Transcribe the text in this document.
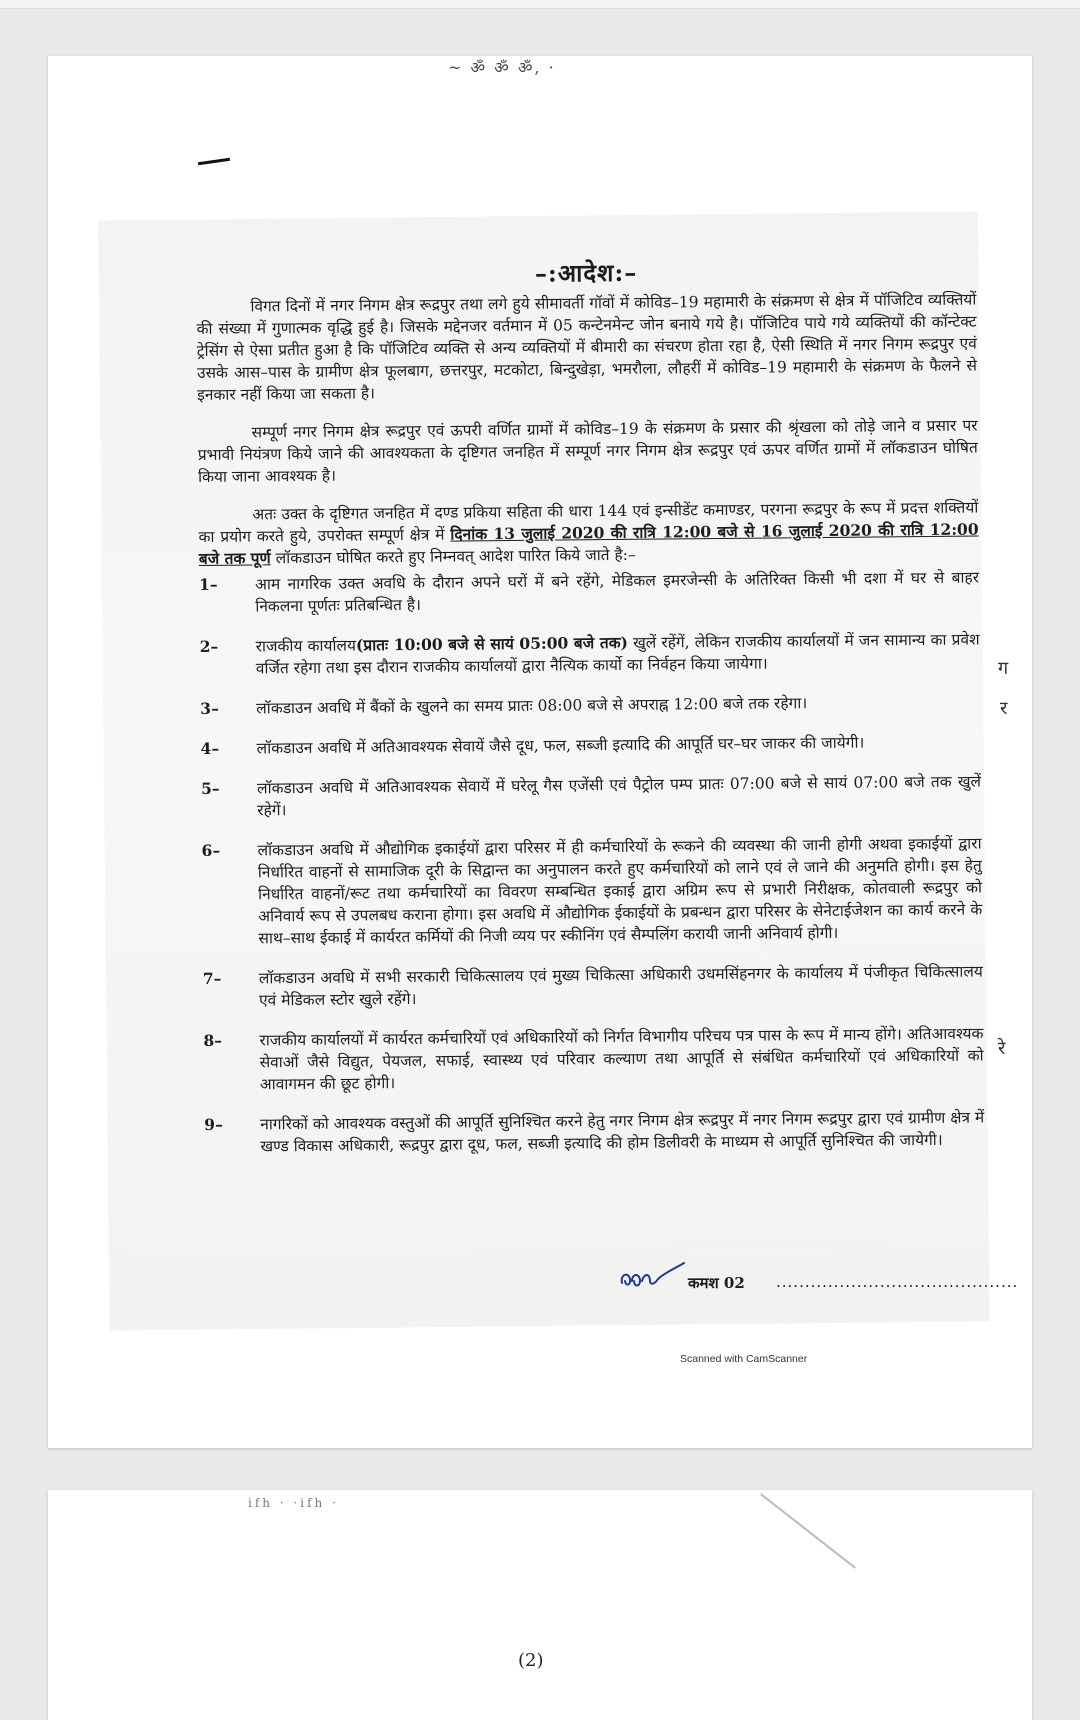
~ ॐ ॐ ॐ, ·
ग
र
रे
–:आदेश:–

विगत दिनों में नगर निगम क्षेत्र रूद्रपुर तथा लगे हुये सीमावर्ती गॉवों में कोविड–19 महामारी के संक्रमण से क्षेत्र में पॉजिटिव व्यक्तियों की संख्या में गुणात्मक वृद्धि हुई है। जिसके मद्देनजर वर्तमान में 05 कन्टेनमेन्ट जोन बनाये गये है। पॉजिटिव पाये गये व्यक्तियों की कॉन्टेक्ट ट्रेसिंग से ऐसा प्रतीत हुआ है कि पॉजिटिव व्यक्ति से अन्य व्यक्तियों में बीमारी का संचरण होता रहा है, ऐसी स्थिति में नगर निगम रूद्रपुर एवं उसके आस–पास के ग्रामीण क्षेत्र फूलबाग, छत्तरपुर, मटकोटा, बिन्दुखेड़ा, भमरौला, लौहरीं में कोविड–19 महामारी के संक्रमण के फैलने से इनकार नहीं किया जा सकता है।

सम्पूर्ण नगर निगम क्षेत्र रूद्रपुर एवं ऊपरी वर्णित ग्रामों में कोविड–19 के संक्रमण के प्रसार की श्रृंखला को तोड़े जाने व प्रसार पर प्रभावी नियंत्रण किये जाने की आवश्यकता के दृष्टिगत जनहित में सम्पूर्ण नगर निगम क्षेत्र रूद्रपुर एवं ऊपर वर्णित ग्रामों में लॉकडाउन घोषित किया जाना आवश्यक है।

अतः उक्त के दृष्टिगत जनहित में दण्ड प्रकिया सहिता की धारा 144 एवं इन्सीडेंट कमाण्डर, परगना रूद्रपुर के रूप में प्रदत्त शक्तियों का प्रयोग करते हुये, उपरोक्त सम्पूर्ण क्षेत्र में दिनांक 13 जुलाई 2020 की रात्रि 12:00 बजे से 16 जुलाई 2020 की रात्रि 12:00 बजे तक पूर्ण लॉकडाउन घोषित करते हुए निम्नवत् आदेश पारित किये जाते है:–

1–	आम नागरिक उक्त अवधि के दौरान अपने घरों में बने रहेंगे, मेडिकल इमरजेन्सी के अतिरिक्त किसी भी दशा में घर से बाहर निकलना पूर्णतः प्रतिबन्धित है।
2–	राजकीय कार्यालय(प्रातः 10:00 बजे से सायं 05:00 बजे तक) खुलें रहेंगें, लेकिन राजकीय कार्यालयों में जन सामान्य का प्रवेश वर्जित रहेगा तथा इस दौरान राजकीय कार्यालयों द्वारा नैत्यिक कार्यो का निर्वहन किया जायेगा।
3–	लॉकडाउन अवधि में बैंकों के खुलने का समय प्रातः 08:00 बजे से अपराह्न 12:00 बजे तक रहेगा।
4–	लॉकडाउन अवधि में अतिआवश्यक सेवायें जैसे दूध, फल, सब्जी इत्यादि की आपूर्ति घर–घर जाकर की जायेगी।
5–	लॉकडाउन अवधि में अतिआवश्यक सेवायें में घरेलू गैस एजेंसी एवं पैट्रोल पम्प प्रातः 07:00 बजे से सायं 07:00 बजे तक खुलें रहेगें।
6–	लॉकडाउन अवधि में औद्योगिक इकाईयों द्वारा परिसर में ही कर्मचारियों के रूकने की व्यवस्था की जानी होगी अथवा इकाईयों द्वारा निर्धारित वाहनों से सामाजिक दूरी के सिद्वान्त का अनुपालन करते हुए कर्मचारियों को लाने एवं ले जाने की अनुमति होगी। इस हेतु निर्धारित वाहनों/रूट तथा कर्मचारियों का विवरण सम्बन्धित इकाई द्वारा अग्रिम रूप से प्रभारी निरीक्षक, कोतवाली रूद्रपुर को अनिवार्य रूप से उपलबध कराना होगा। इस अवधि में औद्योगिक ईकाईयों के प्रबन्धन द्वारा परिसर के सेनेटाईजेशन का कार्य करने के साथ–साथ ईकाई में कार्यरत कर्मियों की निजी व्यय पर स्कीनिंग एवं सैम्पलिंग करायी जानी अनिवार्य होगी।
7–	लॉकडाउन अवधि में सभी सरकारी चिकित्सालय एवं मुख्य चिकित्सा अधिकारी उधमसिंहनगर के कार्यालय में पंजीकृत चिकित्सालय एवं मेडिकल स्टोर खुले रहेंगे।
8–	राजकीय कार्यालयों में कार्यरत कर्मचारियों एवं अधिकारियों को निर्गत विभागीय परिचय पत्र पास के रूप में मान्य होंगे। अतिआवश्यक सेवाओं जैसे विद्युत, पेयजल, सफाई, स्वास्थ्य एवं परिवार कल्याण तथा आपूर्ति से संबंधित कर्मचारियों एवं अधिकारियों को आवागमन की छूट होगी।
9–	नागरिकों को आवश्यक वस्तुओं की आपूर्ति सुनिश्चित करने हेतु नगर निगम क्षेत्र रूद्रपुर में नगर निगम रूद्रपुर द्वारा एवं ग्रामीण क्षेत्र में खण्ड विकास अधिकारी, रूद्रपुर द्वारा दूध, फल, सब्जी इत्यादि की होम डिलीवरी के माध्यम से आपूर्ति सुनिश्चित की जायेगी।
कमश 02 ..........................................
Scanned with CamScanner
ifh · ·ifh ·
(2)
